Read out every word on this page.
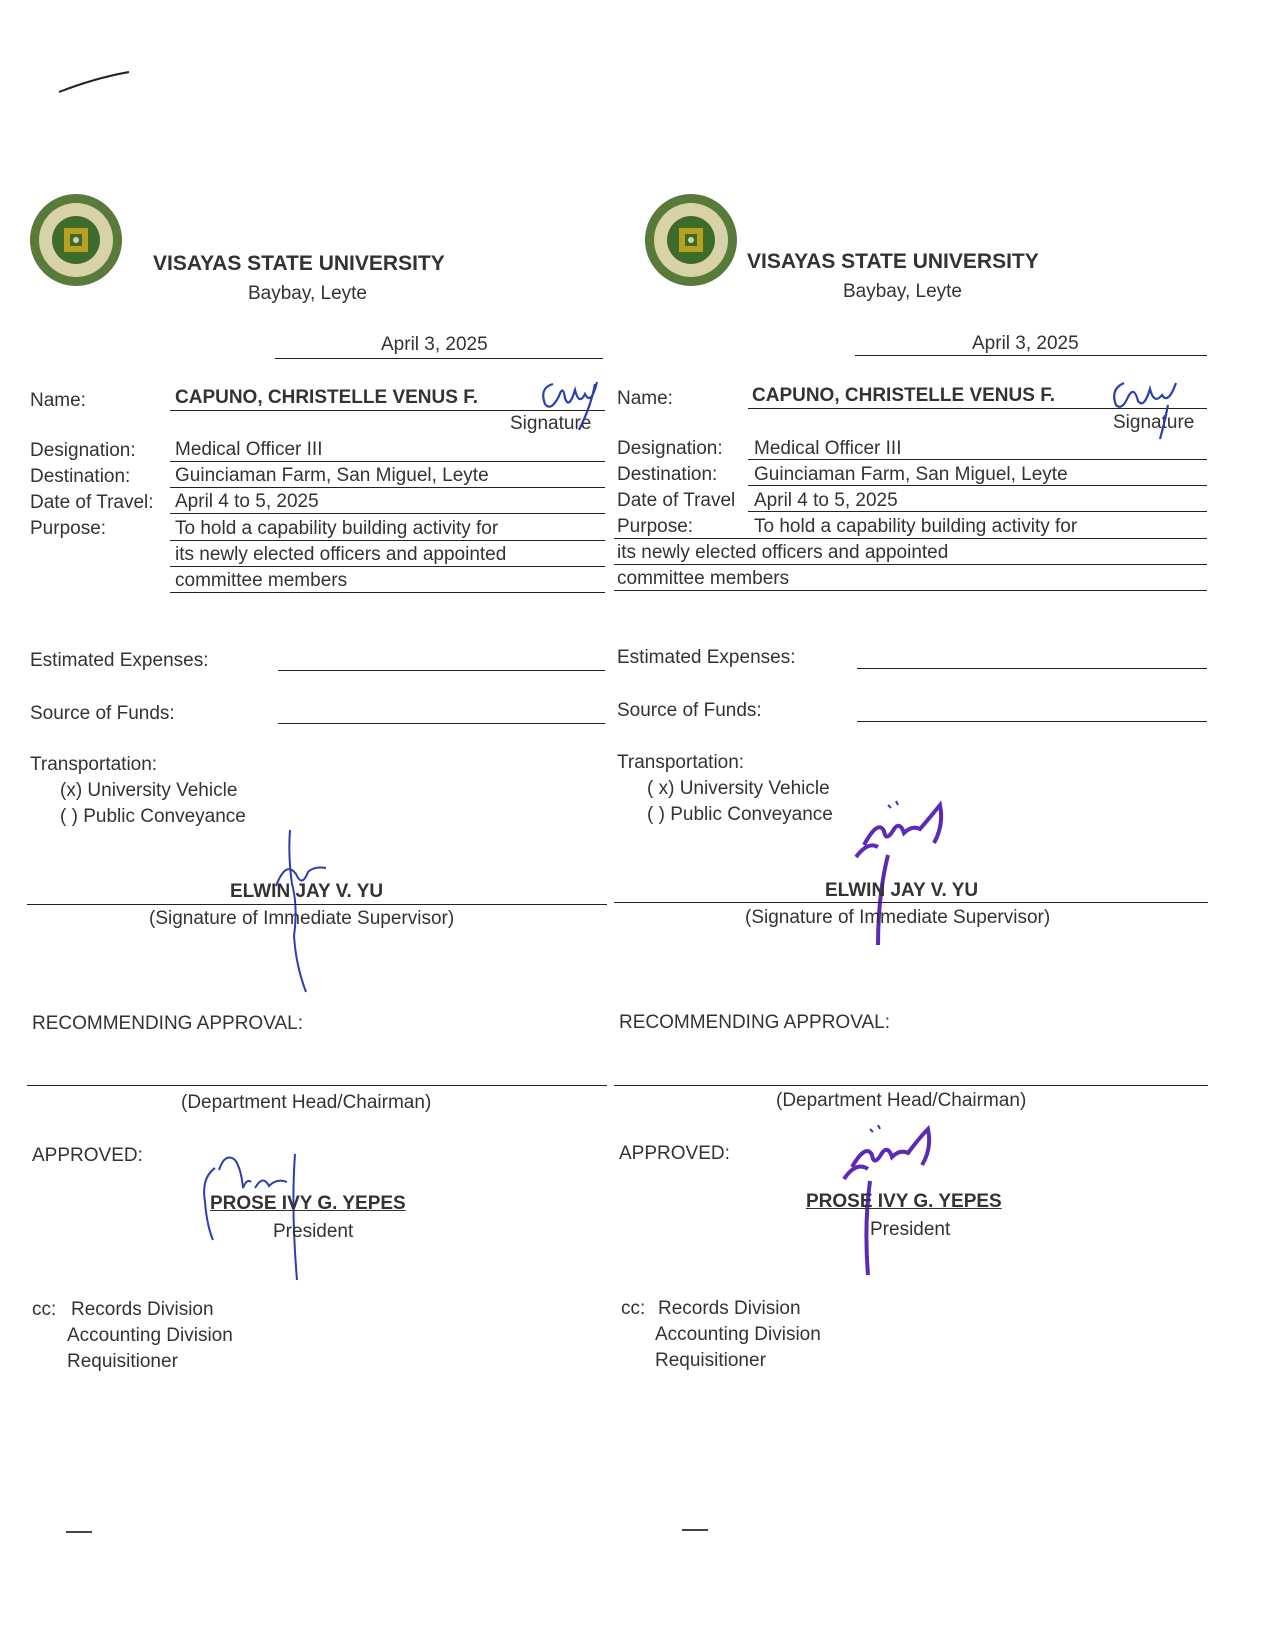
VISAYAS STATE UNIVERSITY
Baybay, Leyte
April 3, 2025
Name:	CAPUNO, CHRISTELLE VENUS F.
Signature
Designation: Medical Officer III
Destination: Guinciaman Farm, San Miguel, Leyte
Date of Travel: April 4 to 5, 2025
Purpose:	To hold a capability building activity for
its newly elected officers and appointed
committee members
Estimated Expenses:
Source of Funds:
Transportation:
(x) University Vehicle
( ) Public Conveyance
ELWIN JAY V. YU
(Signature of Immediate Supervisor)
RECOMMENDING APPROVAL:
(Department Head/Chairman)
APPROVED:
PROSE IVY G. YEPES
President
cc: Records Division
Accounting Division
Requisitioner
VISAYAS STATE UNIVERSITY
Baybay, Leyte
April 3, 2025
Name:	CAPUNO, CHRISTELLE VENUS F.
Signature
Designation: Medical Officer III
Destination: Guinciaman Farm, San Miguel, Leyte
Date of Travel April 4 to 5, 2025
Purpose:	To hold a capability building activity for
its newly elected officers and appointed
committee members
Estimated Expenses:
Source of Funds:
Transportation:
( x) University Vehicle
( ) Public Conveyance
ELWIN JAY V. YU
(Signature of Immediate Supervisor)
RECOMMENDING APPROVAL:
(Department Head/Chairman)
APPROVED:
PROSE IVY G. YEPES
President
cc: Records Division
Accounting Division
Requisitioner
